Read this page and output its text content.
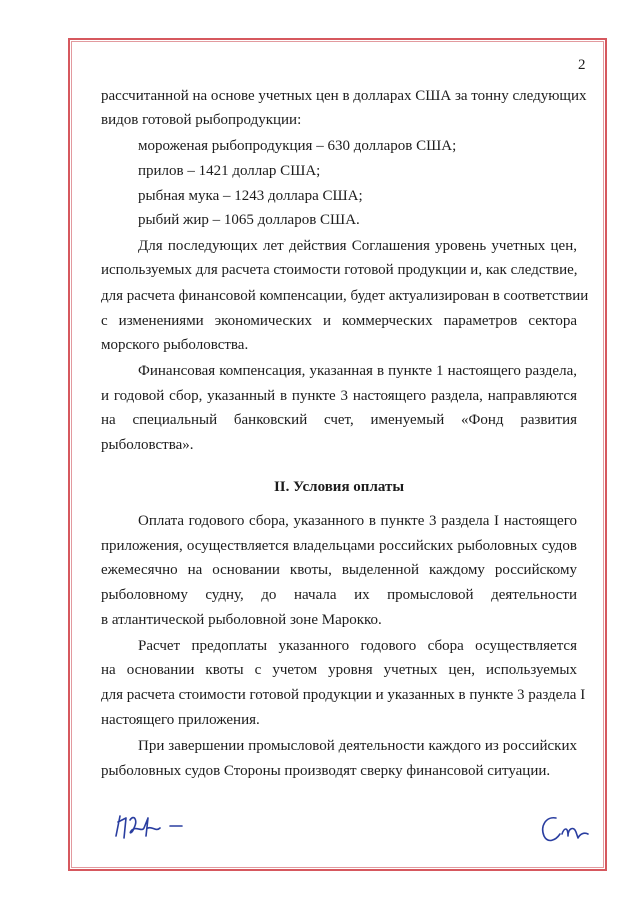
2
рассчитанной на основе учетных цен в долларах США за тонну следующих
видов готовой рыбопродукции:
мороженая рыбопродукция – 630 долларов США;
прилов – 1421 доллар США;
рыбная мука – 1243 доллара США;
рыбий жир – 1065 долларов США.
Для последующих лет действия Соглашения уровень учетных цен,
используемых для расчета стоимости готовой продукции и, как следствие,
для расчета финансовой компенсации, будет актуализирован в соответствии
с изменениями экономических и коммерческих параметров сектора
морского рыболовства.
Финансовая компенсация, указанная в пункте 1 настоящего раздела,
и годовой сбор, указанный в пункте 3 настоящего раздела, направляются
на специальный банковский счет, именуемый «Фонд развития
рыболовства».
II. Условия оплаты
Оплата годового сбора, указанного в пункте 3 раздела I настоящего
приложения, осуществляется владельцами российских рыболовных судов
ежемесячно на основании квоты, выделенной каждому российскому
рыболовному судну, до начала их промысловой деятельности
в атлантической рыболовной зоне Марокко.
Расчет предоплаты указанного годового сбора осуществляется
на основании квоты с учетом уровня учетных цен, используемых
для расчета стоимости готовой продукции и указанных в пункте 3 раздела I
настоящего приложения.
При завершении промысловой деятельности каждого из российских
рыболовных судов Стороны производят сверку финансовой ситуации.
